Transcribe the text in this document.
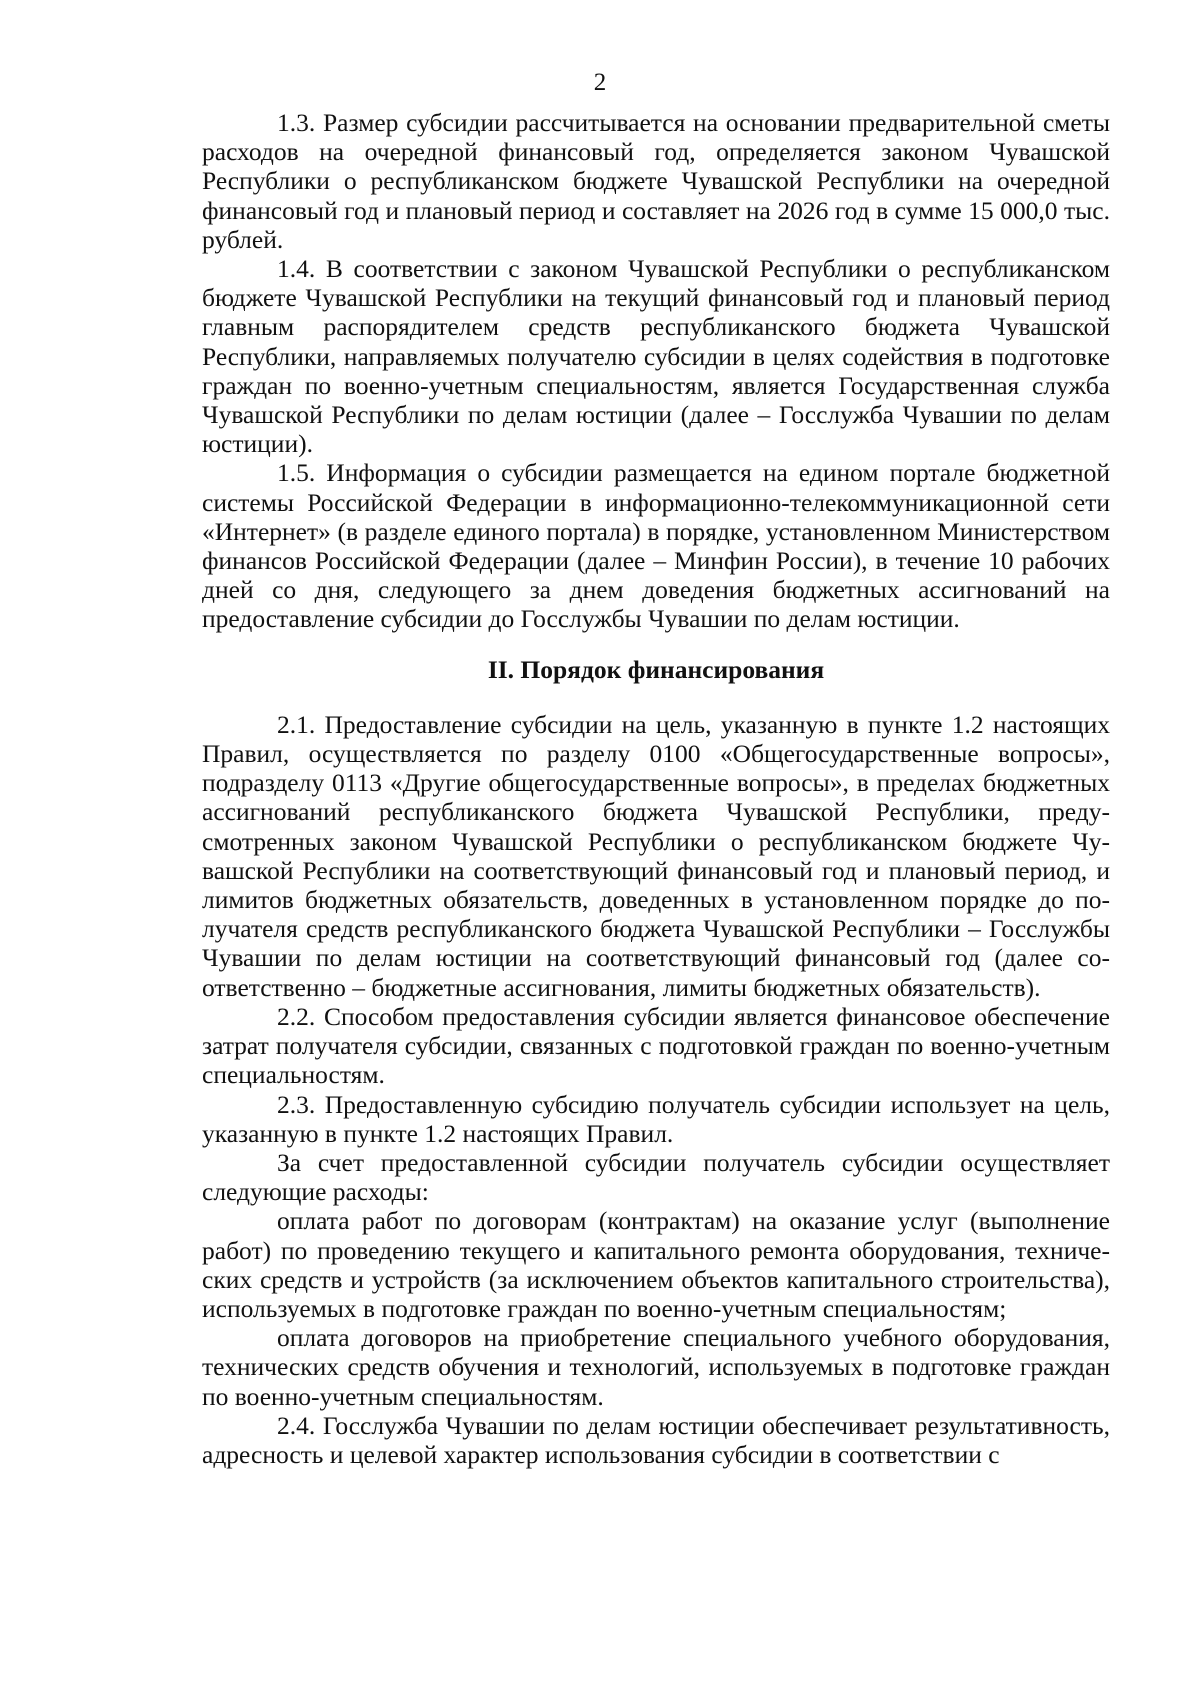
2

1.3. Размер субсидии рассчитывается на основании предварительной сметы расходов на очередной финансовый год, определяется законом Чувашской Республики о республиканском бюджете Чувашской Республики на очередной финансовый год и плановый период и составляет на 2026 год в сумме 15 000,0 тыс. рублей.

1.4. В соответствии с законом Чувашской Республики о республиканском бюджете Чувашской Республики на текущий финансовый год и плановый период главным распорядителем средств республиканского бюджета Чувашской Республики, направляемых получателю субсидии в целях содействия в подготовке граждан по военно-учетным специальностям, является Государственная служба Чувашской Республики по делам юстиции (далее – Госслужба Чувашии по делам юстиции).

1.5. Информация о субсидии размещается на едином портале бюджетной системы Российской Федерации в информационно-телекоммуникационной сети «Интернет» (в разделе единого портала) в порядке, установленном Министерством финансов Российской Федерации (далее – Минфин России), в течение 10 рабочих дней со дня, следующего за днем доведения бюджетных ассигнований на предоставление субсидии до Госслужбы Чувашии по делам юстиции.

II. Порядок финансирования

2.1. Предоставление субсидии на цель, указанную в пункте 1.2 настоящих Правил, осуществляется по разделу 0100 «Общегосударственные вопросы», подразделу 0113 «Другие общегосударственные вопросы», в пределах бюджетных ассигнований республиканского бюджета Чувашской Республики, предусмотренных законом Чувашской Республики о республиканском бюджете Чувашской Республики на соответствующий финансовый год и плановый период, и лимитов бюджетных обязательств, доведенных в установленном порядке до получателя средств республиканского бюджета Чувашской Республики – Госслужбы Чувашии по делам юстиции на соответствующий финансовый год (далее соответственно – бюджетные ассигнования, лимиты бюджетных обязательств).

2.2. Способом предоставления субсидии является финансовое обеспечение затрат получателя субсидии, связанных с подготовкой граждан по военно-учетным специальностям.

2.3. Предоставленную субсидию получатель субсидии использует на цель, указанную в пункте 1.2 настоящих Правил.

За счет предоставленной субсидии получатель субсидии осуществляет следующие расходы:

оплата работ по договорам (контрактам) на оказание услуг (выполнение работ) по проведению текущего и капитального ремонта оборудования, технических средств и устройств (за исключением объектов капитального строительства), используемых в подготовке граждан по военно-учетным специальностям;

оплата договоров на приобретение специального учебного оборудования, технических средств обучения и технологий, используемых в подготовке граждан по военно-учетным специальностям.

2.4. Госслужба Чувашии по делам юстиции обеспечивает результативность, адресность и целевой характер использования субсидии в соответствии с
